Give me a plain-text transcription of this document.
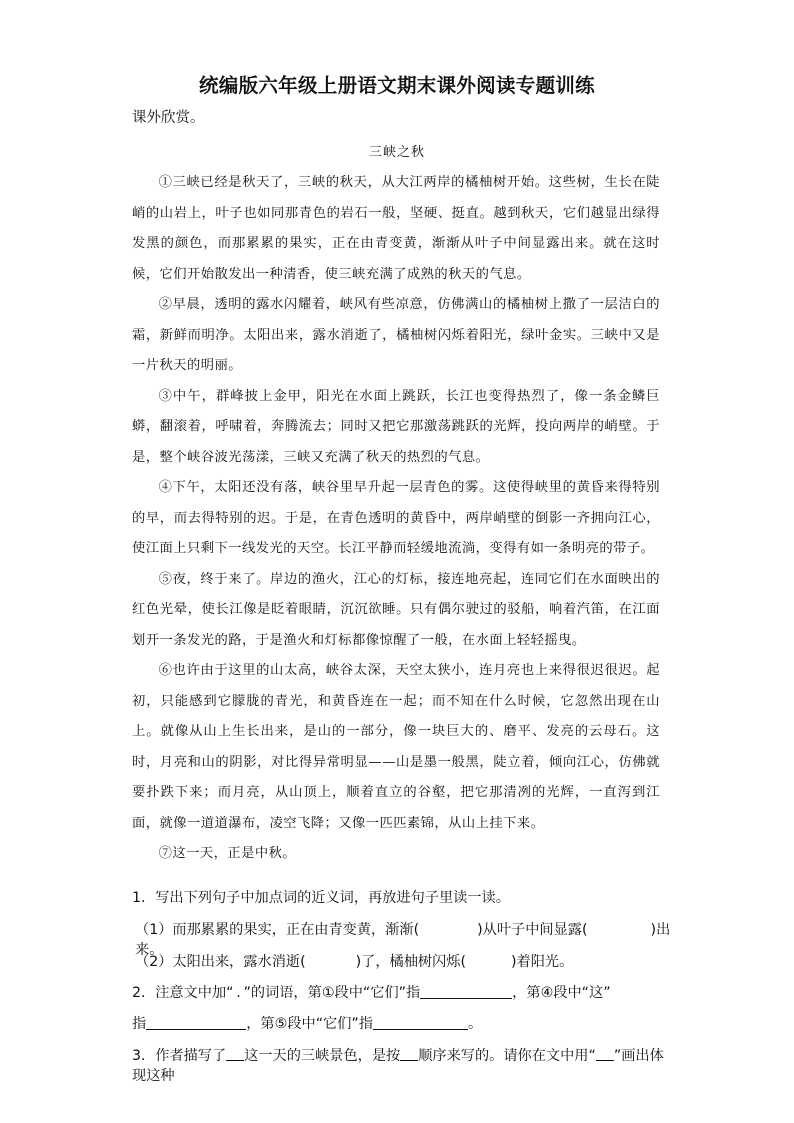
统编版六年级上册语文期末课外阅读专题训练
课外欣赏。
三峡之秋

①三峡已经是秋天了，三峡的秋天，从大江两岸的橘柚树开始。这些树，生长在陡峭的山岩上，叶子也如同那青色的岩石一般，坚硬、挺直。越到秋天，它们越显出绿得发黑的颜色，而那累累的果实，正在由青变黄，渐渐从叶子中间显露出来。就在这时候，它们开始散发出一种清香，使三峡充满了成熟的秋天的气息。

②早晨，透明的露水闪耀着，峡风有些凉意，仿佛满山的橘柚树上撒了一层洁白的霜，新鲜而明净。太阳出来，露水消逝了，橘柚树闪烁着阳光，绿叶金实。三峡中又是一片秋天的明丽。

③中午，群峰披上金甲，阳光在水面上跳跃，长江也变得热烈了，像一条金鳞巨蟒，翻滚着，呼啸着，奔腾流去；同时又把它那激荡跳跃的光辉，投向两岸的峭壁。于是，整个峡谷波光荡漾，三峡又充满了秋天的热烈的气息。

④下午，太阳还没有落，峡谷里早升起一层青色的雾。这使得峡里的黄昏来得特别的早，而去得特别的迟。于是，在青色透明的黄昏中，两岸峭壁的倒影一齐拥向江心，使江面上只剩下一线发光的天空。长江平静而轻缓地流淌，变得有如一条明亮的带子。

⑤夜，终于来了。岸边的渔火，江心的灯标，接连地亮起，连同它们在水面映出的红色光晕，使长江像是眨着眼睛，沉沉欲睡。只有偶尔驶过的驳船，响着汽笛，在江面划开一条发光的路，于是渔火和灯标都像惊醒了一般，在水面上轻轻摇曳。

⑥也许由于这里的山太高，峡谷太深，天空太狭小，连月亮也上来得很迟很迟。起初，只能感到它朦胧的青光，和黄昏连在一起；而不知在什么时候，它忽然出现在山上。就像从山上生长出来，是山的一部分，像一块巨大的、磨平、发亮的云母石。这时，月亮和山的阴影，对比得异常明显——山是墨一般黑，陡立着，倾向江心，仿佛就要扑跌下来；而月亮，从山顶上，顺着直立的谷壑，把它那清冽的光辉，一直泻到江面，就像一道道瀑布，凌空飞降；又像一匹匹素锦，从山上挂下来。

⑦这一天，正是中秋。

1．写出下列句子中加点词的近义词，再放进句子里读一读。
（1）而那累累的果实，正在由青变黄，渐渐(	)从叶子中间显露(	)出来。
（2）太阳出来，露水消逝(	)了，橘柚树闪烁(	)着阳光。
2．注意文中加“ . ”的词语，第①段中“它们”指	，第④段中“这”
指	，第⑤段中“它们”指	。
3．作者描写了 这一天的三峡景色，是按 顺序来写的。请你在文中用“ ”画出体现这种
